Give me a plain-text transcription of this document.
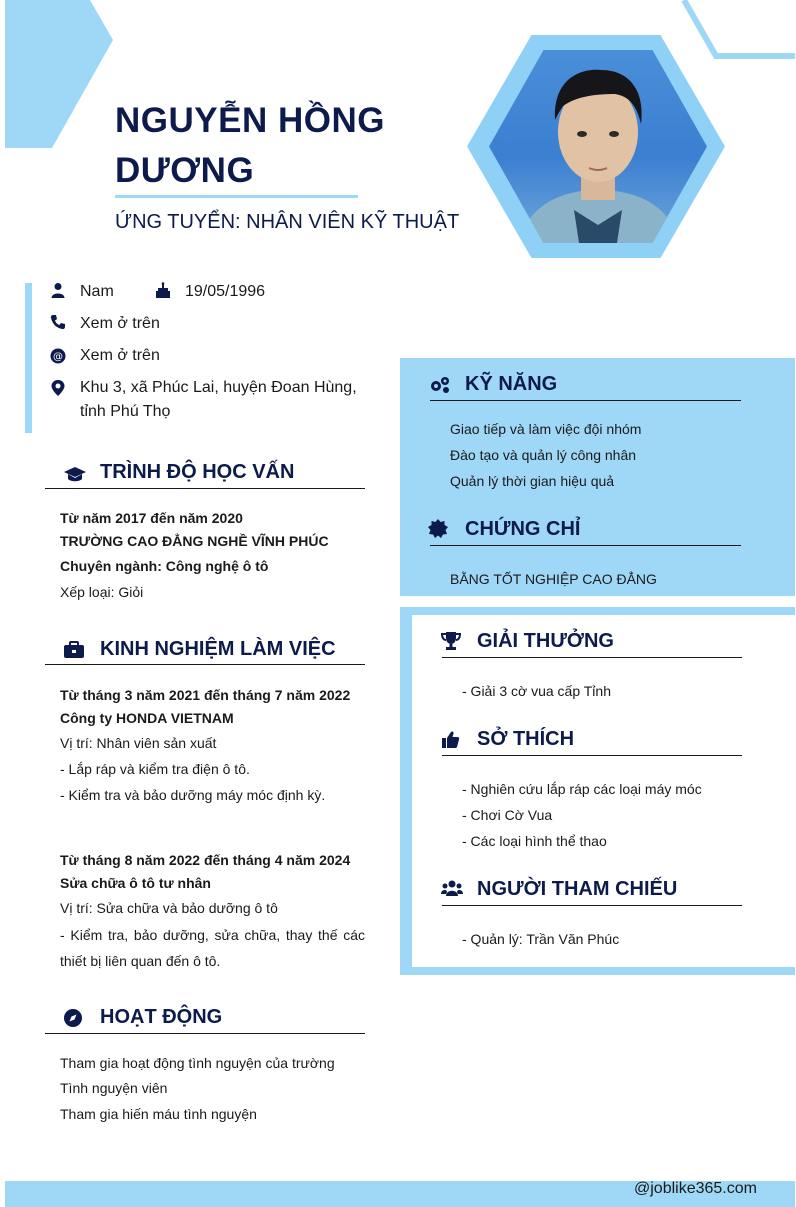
NGUYỄN HỒNG DƯƠNG
ỨNG TUYỂN: NHÂN VIÊN KỸ THUẬT
Nam	19/05/1996
Xem ở trên
@ Xem ở trên
Khu 3, xã Phúc Lai, huyện Đoan Hùng, tỉnh Phú Thọ
TRÌNH ĐỘ HỌC VẤN
Từ năm 2017 đến năm 2020
TRƯỜNG CAO ĐẲNG NGHỀ VĨNH PHÚC
Chuyên ngành: Công nghệ ô tô
Xếp loại: Giỏi
KINH NGHIỆM LÀM VIỆC
Từ tháng 3 năm 2021 đến tháng 7 năm 2022
Công ty HONDA VIETNAM
Vị trí: Nhân viên sản xuất
- Lắp ráp và kiểm tra điện ô tô.
- Kiểm tra và bảo dưỡng máy móc định kỳ.
Từ tháng 8 năm 2022 đến tháng 4 năm 2024
Sửa chữa ô tô tư nhân
Vị trí: Sửa chữa và bảo dưỡng ô tô
- Kiểm tra, bảo dưỡng, sửa chữa, thay thế các thiết bị liên quan đến ô tô.
HOẠT ĐỘNG
Tham gia hoạt động tình nguyện của trường
Tình nguyện viên
Tham gia hiến máu tình nguyện
KỸ NĂNG
Giao tiếp và làm việc đội nhóm
Đào tạo và quản lý công nhân
Quản lý thời gian hiệu quả
CHỨNG CHỈ
BẰNG TỐT NGHIỆP CAO ĐẲNG
GIẢI THƯỞNG
- Giải 3 cờ vua cấp Tỉnh
SỞ THÍCH
- Nghiên cứu lắp ráp các loại máy móc
- Chơi Cờ Vua
- Các loại hình thể thao
NGƯỜI THAM CHIẾU
- Quản lý: Trần Văn Phúc
@joblike365.com
